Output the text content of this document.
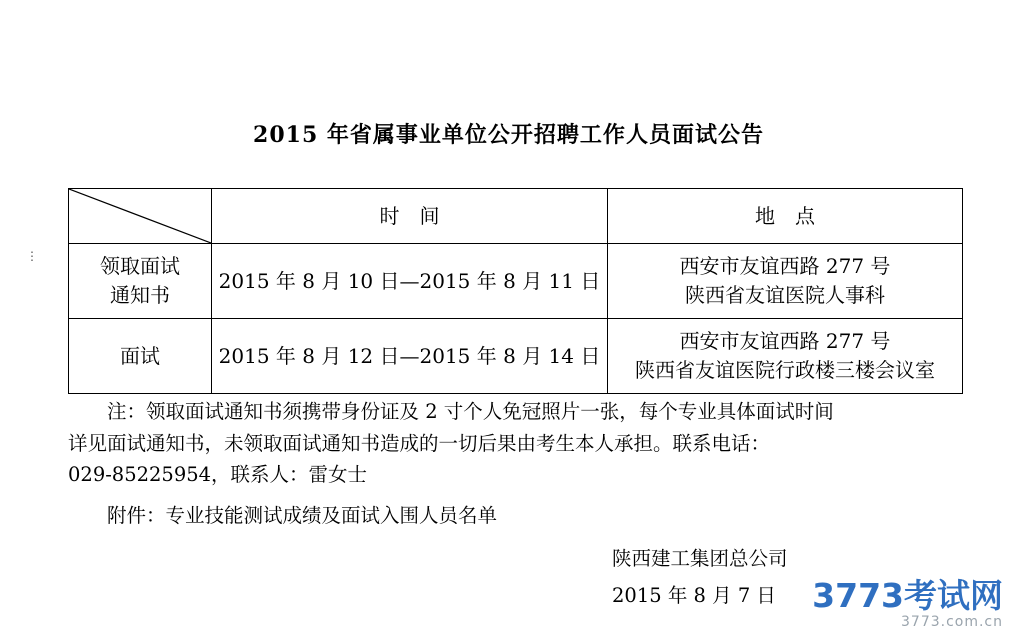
⋮
2015 年省属事业单位公开招聘工作人员面试公告
	时　间	地　点

领取面试
通知书	2015 年 8 月 10 日—2015 年 8 月 11 日	西安市友谊西路 277 号
陕西省友谊医院人事科

面试	2015 年 8 月 12 日—2015 年 8 月 14 日	西安市友谊西路 277 号
陕西省友谊医院行政楼三楼会议室
注：领取面试通知书须携带身份证及 2 寸个人免冠照片一张，每个专业具体面试时间
详见面试通知书，未领取面试通知书造成的一切后果由考生本人承担。联系电话：
029-85225954，联系人：雷女士
附件：专业技能测试成绩及面试入围人员名单
陕西建工集团总公司
2015 年 8 月 7 日	3773考试网
3773.com.cn
